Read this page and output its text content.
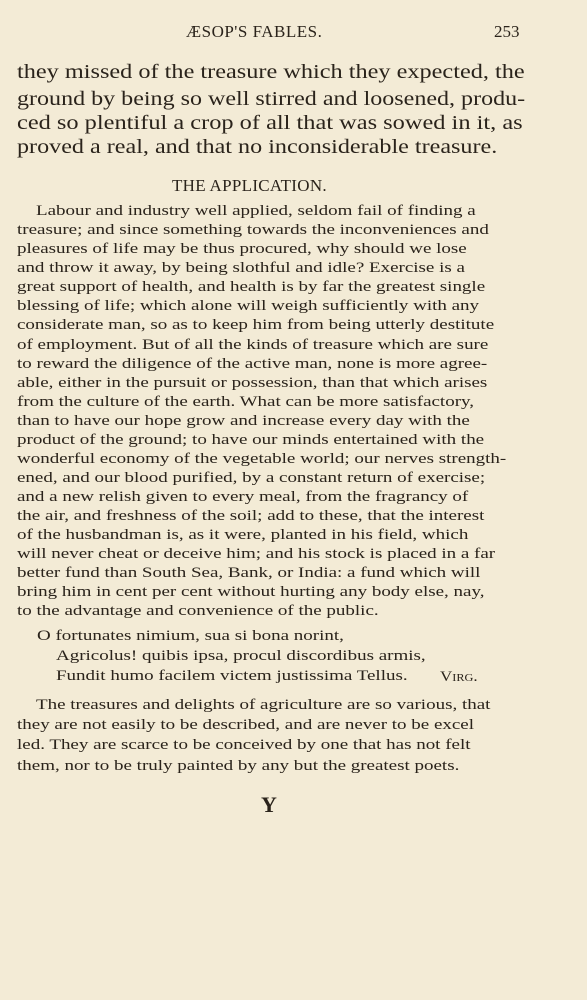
ÆSOP'S FABLES.	253
they missed of the treasure which they expected, the
ground by being so well stirred and loosened, produ-
ced so plentiful a crop of all that was sowed in it, as
proved a real, and that no inconsiderable treasure.
THE APPLICATION.
Labour and industry well applied, seldom fail of finding a
treasure; and since something towards the inconveniences and
pleasures of life may be thus procured, why should we lose
and throw it away, by being slothful and idle? Exercise is a
great support of health, and health is by far the greatest single
blessing of life; which alone will weigh sufficiently with any
considerate man, so as to keep him from being utterly destitute
of employment. But of all the kinds of treasure which are sure
to reward the diligence of the active man, none is more agree-
able, either in the pursuit or possession, than that which arises
from the culture of the earth. What can be more satisfactory,
than to have our hope grow and increase every day with the
product of the ground; to have our minds entertained with the
wonderful economy of the vegetable world; our nerves strength-
ened, and our blood purified, by a constant return of exercise;
and a new relish given to every meal, from the fragrancy of
the air, and freshness of the soil; add to these, that the interest
of the husbandman is, as it were, planted in his field, which
will never cheat or deceive him; and his stock is placed in a far
better fund than South Sea, Bank, or India: a fund which will
bring him in cent per cent without hurting any body else, nay,
to the advantage and convenience of the public.
O fortunates nimium, sua si bona norint,
Agricolus! quibis ipsa, procul discordibus armis,
Fundit humo facilem victem justissima Tellus. Virg.
The treasures and delights of agriculture are so various, that
they are not easily to be described, and are never to be excel
led. They are scarce to be conceived by one that has not felt
them, nor to be truly painted by any but the greatest poets.
Y
